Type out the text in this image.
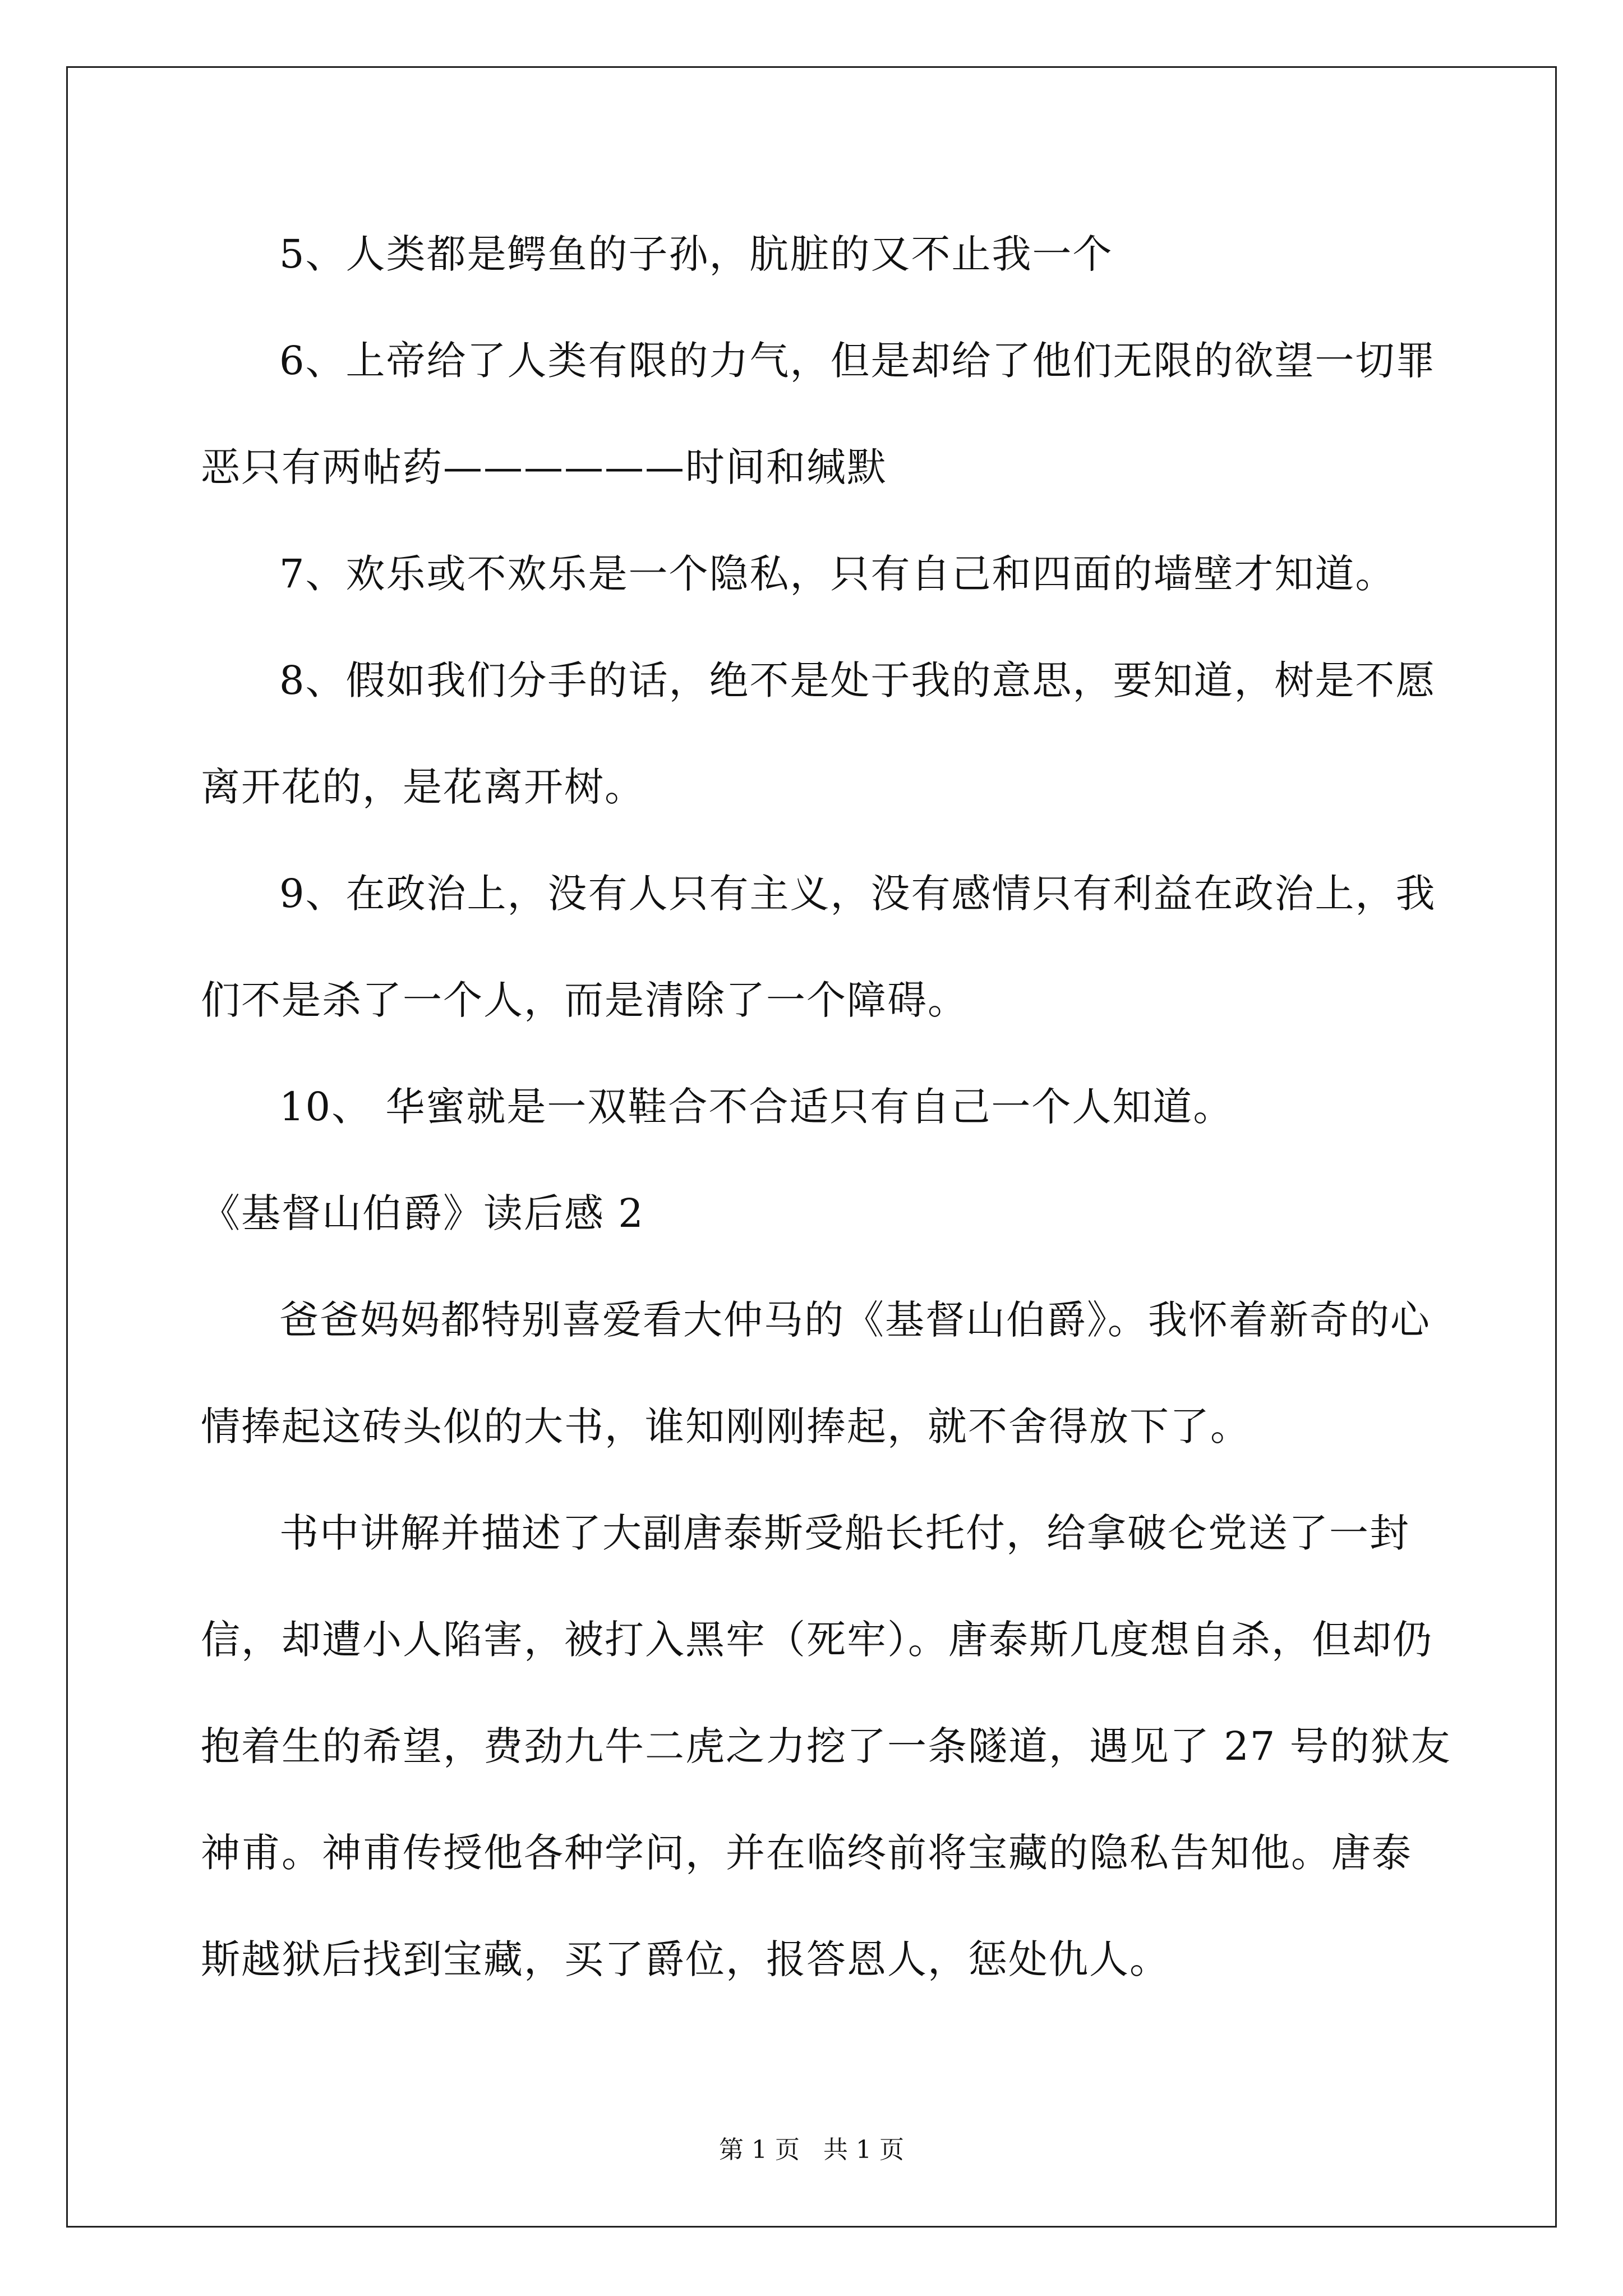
5、人类都是鳄鱼的子孙，肮脏的又不止我一个
6、上帝给了人类有限的力气，但是却给了他们无限的欲望一切罪
恶只有两帖药——————时间和缄默
7、欢乐或不欢乐是一个隐私，只有自己和四面的墙壁才知道。
8、假如我们分手的话，绝不是处于我的意思，要知道，树是不愿
离开花的，是花离开树。
9、在政治上，没有人只有主义，没有感情只有利益在政治上，我
们不是杀了一个人，而是清除了一个障碍。
10、 华蜜就是一双鞋合不合适只有自己一个人知道。
《基督山伯爵》读后感 2
爸爸妈妈都特别喜爱看大仲马的《基督山伯爵》。我怀着新奇的心
情捧起这砖头似的大书，谁知刚刚捧起，就不舍得放下了。
书中讲解并描述了大副唐泰斯受船长托付，给拿破仑党送了一封
信，却遭小人陷害，被打入黑牢（死牢）。唐泰斯几度想自杀，但却仍
抱着生的希望，费劲九牛二虎之力挖了一条隧道，遇见了 27 号的狱友
神甫。神甫传授他各种学问，并在临终前将宝藏的隐私告知他。唐泰
斯越狱后找到宝藏，买了爵位，报答恩人，惩处仇人。
第 1 页 共 1 页
